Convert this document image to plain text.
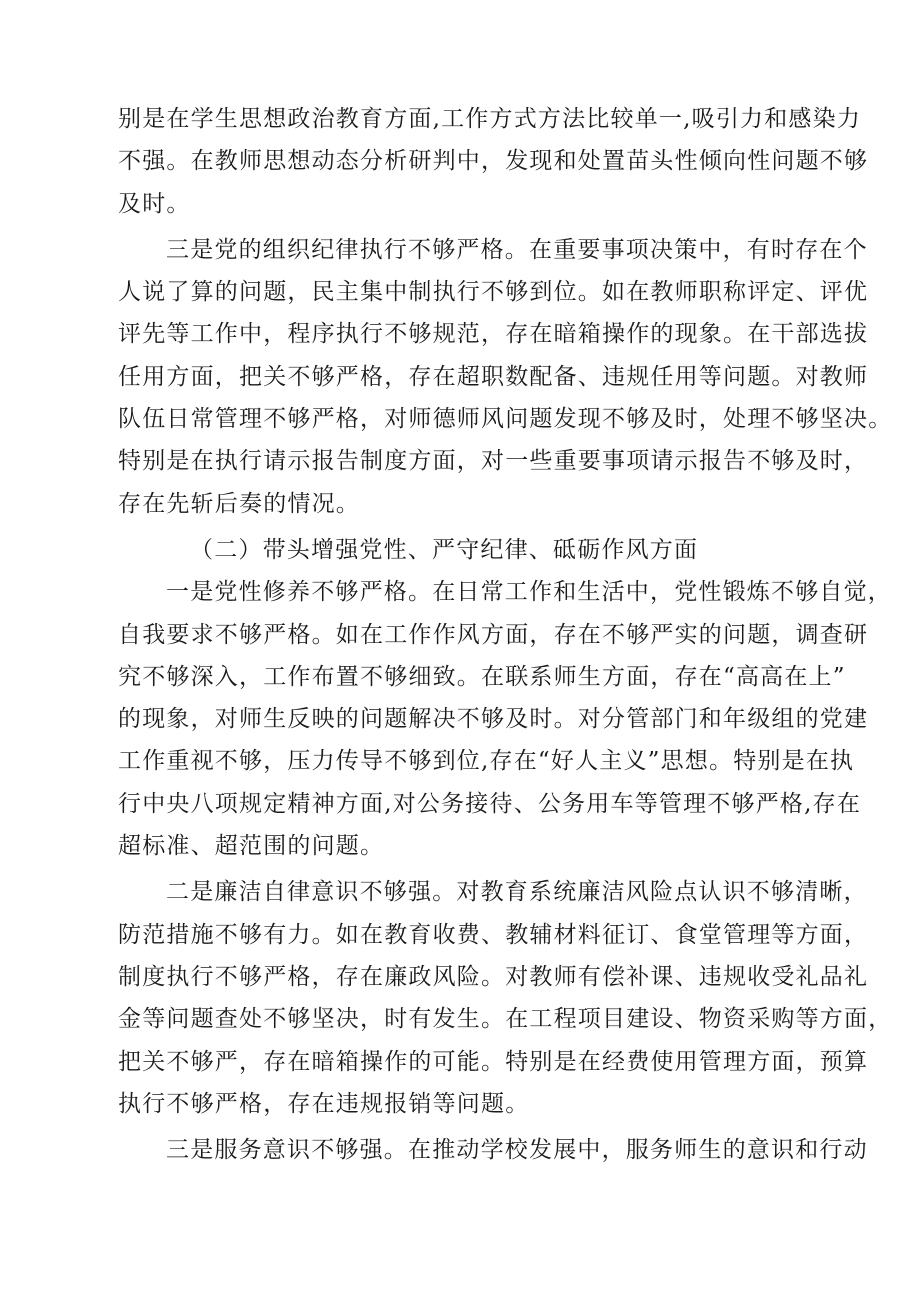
别是在学生思想政治教育方面,工作方式方法比较单一,吸引力和感染力
不强。在教师思想动态分析研判中，发现和处置苗头性倾向性问题不够
及时。
三是党的组织纪律执行不够严格。在重要事项决策中，有时存在个
人说了算的问题，民主集中制执行不够到位。如在教师职称评定、评优
评先等工作中，程序执行不够规范，存在暗箱操作的现象。在干部选拔
任用方面，把关不够严格，存在超职数配备、违规任用等问题。对教师
队伍日常管理不够严格，对师德师风问题发现不够及时，处理不够坚决。
特别是在执行请示报告制度方面，对一些重要事项请示报告不够及时，
存在先斩后奏的情况。
（二）带头增强党性、严守纪律、砥砺作风方面
一是党性修养不够严格。在日常工作和生活中，党性锻炼不够自觉，
自我要求不够严格。如在工作作风方面，存在不够严实的问题，调查研
究不够深入，工作布置不够细致。在联系师生方面，存在“高高在上”
的现象，对师生反映的问题解决不够及时。对分管部门和年级组的党建
工作重视不够，压力传导不够到位,存在“好人主义”思想。特别是在执
行中央八项规定精神方面,对公务接待、公务用车等管理不够严格,存在
超标准、超范围的问题。
二是廉洁自律意识不够强。对教育系统廉洁风险点认识不够清晰，
防范措施不够有力。如在教育收费、教辅材料征订、食堂管理等方面，
制度执行不够严格，存在廉政风险。对教师有偿补课、违规收受礼品礼
金等问题查处不够坚决，时有发生。在工程项目建设、物资采购等方面，
把关不够严，存在暗箱操作的可能。特别是在经费使用管理方面，预算
执行不够严格，存在违规报销等问题。
三是服务意识不够强。在推动学校发展中，服务师生的意识和行动
